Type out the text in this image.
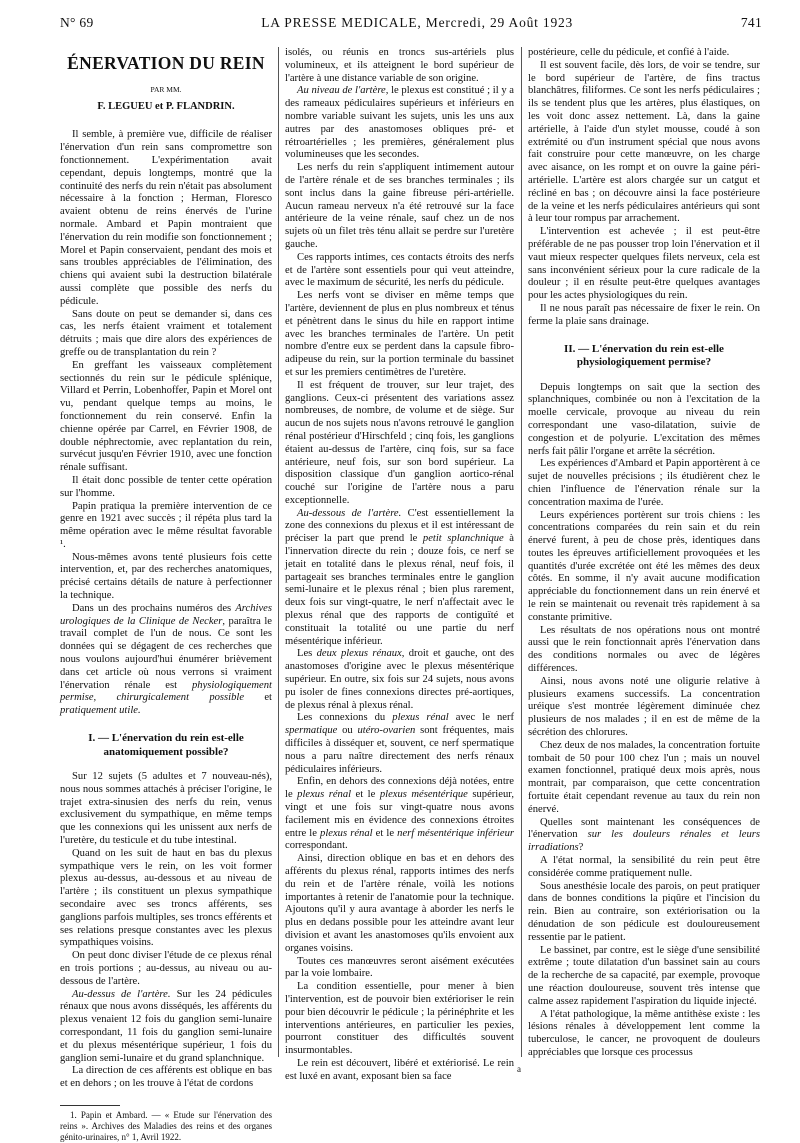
N° 69	LA PRESSE MEDICALE, Mercredi, 29 Août 1923	741
ÉNERVATION DU REIN
PAR MM.
F. LEGUEU et P. FLANDRIN.

Il semble, à première vue, difficile de réaliser l'énervation d'un rein sans compromettre son fonctionnement. L'expérimentation avait cependant, depuis longtemps, montré que la continuité des nerfs du rein n'était pas absolument nécessaire à la fonction ; Herman, Floresco avaient obtenu de reins énervés de l'urine normale. Ambard et Papin montraient que l'énervation du rein modifie son fonctionnement ; Morel et Papin conservaient, pendant des mois et sans troubles appréciables de l'élimination, des chiens qui avaient subi la destruction bilatérale aussi complète que possible des nerfs du pédicule.

Sans doute on peut se demander si, dans ces cas, les nerfs étaient vraiment et totalement détruits ; mais que dire alors des expériences de greffe ou de transplantation du rein ?

En greffant les vaisseaux complètement sectionnés du rein sur le pédicule splénique, Villard et Perrin, Lobenhoffer, Papin et Morel ont vu, pendant quelque temps au moins, le fonctionnement du rein conservé. Enfin la chienne opérée par Carrel, en Février 1908, de double néphrectomie, avec replantation du rein, survécut jusqu'en Février 1910, avec une fonction rénale suffisant.

Il était donc possible de tenter cette opération sur l'homme.

Papin pratiqua la première intervention de ce genre en 1921 avec succès ; il répéta plus tard la même opération avec le même résultat favorable ¹.

Nous-mêmes avons tenté plusieurs fois cette intervention, et, par des recherches anatomiques, précisé certains détails de nature à perfectionner la technique.

Dans un des prochains numéros des Archives urologiques de la Clinique de Necker, paraîtra le travail complet de l'un de nous. Ce sont les données qui se dégagent de ces recherches que nous voulons aujourd'hui énumérer brièvement dans cet article où nous verrons si vraiment l'énervation rénale est physiologiquement permise, chirurgicalement possible et pratiquement utile.

I. — L'énervation du rein est-elle anatomiquement possible?

Sur 12 sujets (5 adultes et 7 nouveau-nés), nous nous sommes attachés à préciser l'origine, le trajet extra-sinusien des nerfs du rein, venus exclusivement du sympathique, en même temps que les connexions qui les unissent aux nerfs de l'uretère, du testicule et du tube intestinal.

Quand on les suit de haut en bas du plexus sympathique vers le rein, on les voit former plexus au-dessus, au-dessous et au niveau de l'artère ; ils constituent un plexus sympathique secondaire avec ses troncs afférents, ses ganglions parfois multiples, ses troncs efférents et ses relations presque constantes avec les plexus sympathiques voisins.

On peut donc diviser l'étude de ce plexus rénal en trois portions ; au-dessus, au niveau ou au-dessous de l'artère.

Au-dessus de l'artère. Sur les 24 pédicules rénaux que nous avons disséqués, les afférents du plexus venaient 12 fois du ganglion semi-lunaire correspondant, 11 fois du ganglion semi-lunaire et du plexus mésentérique supérieur, 1 fois du ganglion semi-lunaire et du grand splanchnique.

La direction de ces afférents est oblique en bas et en dehors ; on les trouve à l'état de cordons

1. Papin et Ambard. — « Etude sur l'énervation des reins ». Archives des Maladies des reins et des organes génito-urinaires, n° 1, Avril 1922.

isolés, ou réunis en troncs sus-artériels plus volumineux, et ils atteignent le bord supérieur de l'artère à une distance variable de son origine.

Au niveau de l'artère, le plexus est constitué ; il y a des rameaux pédiculaires supérieurs et inférieurs en nombre variable suivant les sujets, unis les uns aux autres par des anastomoses obliques pré- et rétroartérielles ; les premières, généralement plus volumineuses que les secondes.

Les nerfs du rein s'appliquent intimement autour de l'artère rénale et de ses branches terminales ; ils sont inclus dans la gaine fibreuse péri-artérielle. Aucun rameau nerveux n'a été retrouvé sur la face antérieure de la veine rénale, sauf chez un de nos sujets où un filet très ténu allait se perdre sur l'uretère gauche.

Ces rapports intimes, ces contacts étroits des nerfs et de l'artère sont essentiels pour qui veut atteindre, avec le maximum de sécurité, les nerfs du pédicule.

Les nerfs vont se diviser en même temps que l'artère, deviennent de plus en plus nombreux et ténus et pénètrent dans le sinus du hile en rapport intime avec les branches terminales de l'artère. Un petit nombre d'entre eux se perdent dans la capsule fibro-adipeuse du rein, sur la portion terminale du bassinet et sur les premiers centimètres de l'uretère.

Il est fréquent de trouver, sur leur trajet, des ganglions. Ceux-ci présentent des variations assez nombreuses, de nombre, de volume et de siège. Sur aucun de nos sujets nous n'avons retrouvé le ganglion rénal postérieur d'Hirschfeld ; cinq fois, les ganglions étaient au-dessus de l'artère, cinq fois, sur sa face antérieure, neuf fois, sur son bord supérieur. La disposition classique d'un ganglion aortico-rénal couché sur l'origine de l'artère nous a paru exceptionnelle.

Au-dessous de l'artère. C'est essentiellement la zone des connexions du plexus et il est intéressant de préciser la part que prend le petit splanchnique à l'innervation directe du rein ; douze fois, ce nerf se jetait en totalité dans le plexus rénal, neuf fois, il partageait ses branches terminales entre le ganglion semi-lunaire et le plexus rénal ; bien plus rarement, deux fois sur vingt-quatre, le nerf n'affectait avec le plexus rénal que des rapports de contiguïté et constituait la totalité ou une partie du nerf mésentérique inférieur.

Les deux plexus rénaux, droit et gauche, ont des anastomoses d'origine avec le plexus mésentérique supérieur. En outre, six fois sur 24 sujets, nous avons pu isoler de fines connexions directes pré-aortiques, de plexus rénal à plexus rénal.

Les connexions du plexus rénal avec le nerf spermatique ou utéro-ovarien sont fréquentes, mais difficiles à disséquer et, souvent, ce nerf spermatique nous a paru naître directement des nerfs rénaux pédiculaires inférieurs.

Enfin, en dehors des connexions déjà notées, entre le plexus rénal et le plexus mésentérique supérieur, vingt et une fois sur vingt-quatre nous avons facilement mis en évidence des connexions étroites entre le plexus rénal et le nerf mésentérique inférieur correspondant.

Ainsi, direction oblique en bas et en dehors des afférents du plexus rénal, rapports intimes des nerfs du rein et de l'artère rénale, voilà les notions importantes à retenir de l'anatomie pour la technique. Ajoutons qu'il y aura avantage à aborder les nerfs le plus en dedans possible pour les atteindre avant leur division et avant les anastomoses qu'ils envoient aux organes voisins.

Toutes ces manœuvres seront aisément exécutées par la voie lombaire.

La condition essentielle, pour mener à bien l'intervention, est de pouvoir bien extérioriser le rein pour bien découvrir le pédicule ; la périnéphrite et les interventions antérieures, en particulier les pexies, pourront constituer des difficultés souvent insurmontables.

Le rein est découvert, libéré et extériorisé. Le rein est luxé en avant, exposant bien sa face

postérieure, celle du pédicule, et confié à l'aide.

Il est souvent facile, dès lors, de voir se tendre, sur le bord supérieur de l'artère, de fins tractus blanchâtres, filiformes. Ce sont les nerfs pédiculaires ; ils se tendent plus que les artères, plus élastiques, on les voit donc assez nettement. Là, dans la gaine artérielle, à l'aide d'un stylet mousse, coudé à son extrémité ou d'un instrument spécial que nous avons fait construire pour cette manœuvre, on les charge avec aisance, on les rompt et on ouvre la gaine péri-artérielle. L'artère est alors chargée sur un catgut et récliné en bas ; on découvre ainsi la face postérieure de la veine et les nerfs pédiculaires antérieurs qui sont à leur tour rompus par arrachement.

L'intervention est achevée ; il est peut-être préférable de ne pas pousser trop loin l'énervation et il vaut mieux respecter quelques filets nerveux, cela est sans inconvénient sérieux pour la cure radicale de la douleur ; il en résulte peut-être quelques avantages pour les actes physiologiques du rein.

Il ne nous paraît pas nécessaire de fixer le rein. On ferme la plaie sans drainage.

II. — L'énervation du rein est-elle physiologiquement permise?

Depuis longtemps on sait que la section des splanchniques, combinée ou non à l'excitation de la moelle cervicale, provoque au niveau du rein correspondant une vaso-dilatation, suivie de congestion et de polyurie. L'excitation des mêmes nerfs fait pâlir l'organe et arrête la sécrétion.

Les expériences d'Ambard et Papin apportèrent à ce sujet de nouvelles précisions ; ils étudièrent chez le chien l'influence de l'énervation rénale sur la concentration maxima de l'urée.

Leurs expériences portèrent sur trois chiens : les concentrations comparées du rein sain et du rein énervé furent, à peu de chose près, identiques dans toutes les épreuves artificiellement provoquées et les quantités d'urée excrétée ont été les mêmes des deux côtés. En somme, il n'y avait aucune modification appréciable du fonctionnement dans un rein énervé et le rein se maintenait ou revenait très rapidement à sa constante primitive.

Les résultats de nos opérations nous ont montré aussi que le rein fonctionnait après l'énervation dans des conditions normales ou avec de légères différences.

Ainsi, nous avons noté une oligurie relative à plusieurs examens successifs. La concentration uréique s'est montrée légèrement diminuée chez plusieurs de nos malades ; il en est de même de la sécrétion des chlorures.

Chez deux de nos malades, la concentration fortuite tombait de 50 pour 100 chez l'un ; mais un nouvel examen fonctionnel, pratiqué deux mois après, nous montrait, par comparaison, que cette concentration fortuite était cependant revenue au taux du rein non énervé.

Quelles sont maintenant les conséquences de l'énervation sur les douleurs rénales et leurs irradiations?

A l'état normal, la sensibilité du rein peut être considérée comme pratiquement nulle.

Sous anesthésie locale des parois, on peut pratiquer dans de bonnes conditions la piqûre et l'incision du rein. Bien au contraire, son extériorisation ou la dénudation de son pédicule est douloureusement ressentie par le patient.

Le bassinet, par contre, est le siège d'une sensibilité extrême ; toute dilatation d'un bassinet sain au cours de la recherche de sa capacité, par exemple, provoque une réaction douloureuse, souvent très intense que calme assez rapidement l'aspiration du liquide injecté.

A l'état pathologique, la même antithèse existe : les lésions rénales à développement lent comme la tuberculose, le cancer, ne provoquent de douleurs appréciables que lorsque ces processus

a
